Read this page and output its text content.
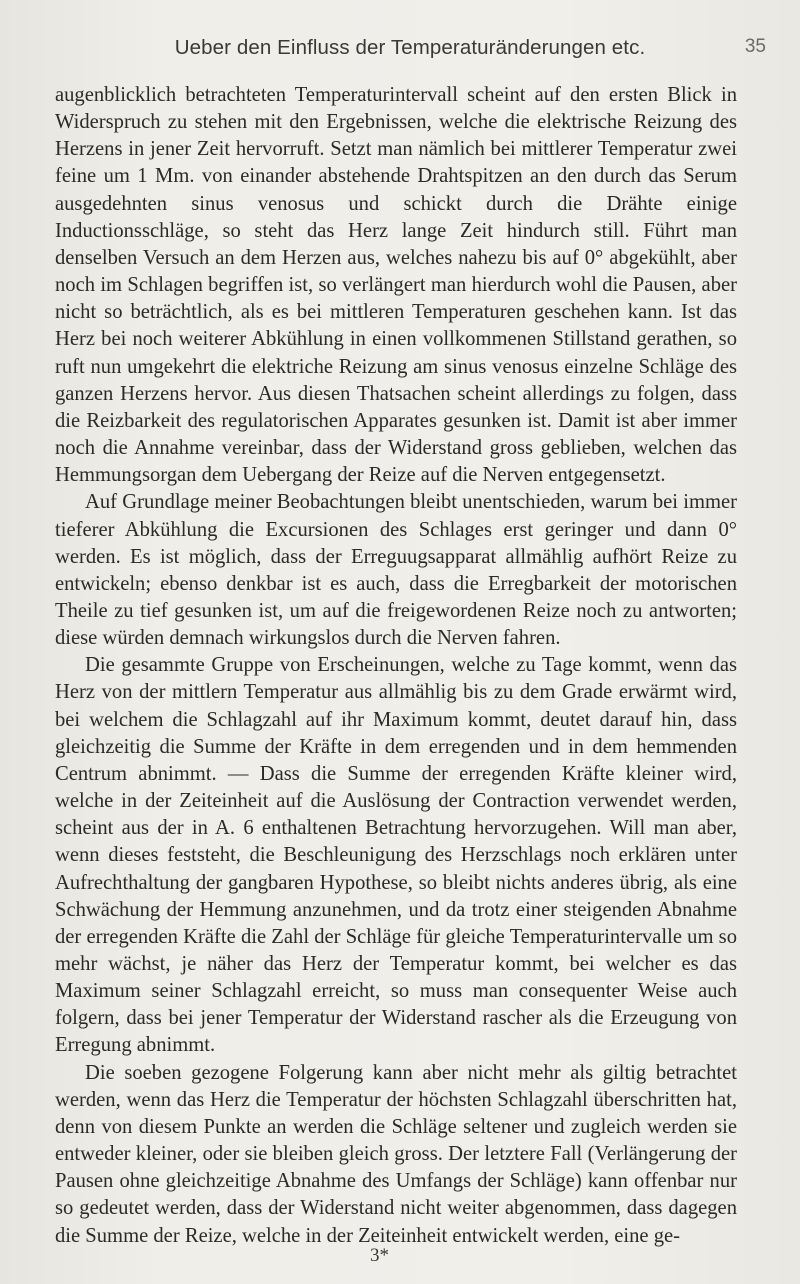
Ueber den Einfluss der Temperaturänderungen etc.	35

augenblicklich betrachteten Temperaturintervall scheint auf den ersten Blick in Widerspruch zu stehen mit den Ergebnissen, welche die elektrische Reizung des Herzens in jener Zeit hervorruft. Setzt man nämlich bei mittlerer Temperatur zwei feine um 1 Mm. von einander abstehende Drahtspitzen an den durch das Serum ausgedehnten sinus venosus und schickt durch die Drähte einige Inductionsschläge, so steht das Herz lange Zeit hindurch still. Führt man denselben Versuch an dem Herzen aus, welches nahezu bis auf 0° abgekühlt, aber noch im Schlagen begriffen ist, so verlängert man hierdurch wohl die Pausen, aber nicht so beträchtlich, als es bei mittleren Temperaturen geschehen kann. Ist das Herz bei noch weiterer Abkühlung in einen vollkommenen Stillstand gerathen, so ruft nun umgekehrt die elektriche Reizung am sinus venosus einzelne Schläge des ganzen Herzens hervor. Aus diesen Thatsachen scheint allerdings zu folgen, dass die Reizbarkeit des regulatorischen Apparates gesunken ist. Damit ist aber immer noch die Annahme vereinbar, dass der Widerstand gross geblieben, welchen das Hemmungsorgan dem Uebergang der Reize auf die Nerven entgegensetzt.

Auf Grundlage meiner Beobachtungen bleibt unentschieden, warum bei immer tieferer Abkühlung die Excursionen des Schlages erst geringer und dann 0° werden. Es ist möglich, dass der Erreguugsapparat allmählig aufhört Reize zu entwickeln; ebenso denkbar ist es auch, dass die Erregbarkeit der motorischen Theile zu tief gesunken ist, um auf die freigewordenen Reize noch zu antworten; diese würden demnach wirkungslos durch die Nerven fahren.

Die gesammte Gruppe von Erscheinungen, welche zu Tage kommt, wenn das Herz von der mittlern Temperatur aus allmählig bis zu dem Grade erwärmt wird, bei welchem die Schlagzahl auf ihr Maximum kommt, deutet darauf hin, dass gleichzeitig die Summe der Kräfte in dem erregenden und in dem hemmenden Centrum abnimmt. — Dass die Summe der erregenden Kräfte kleiner wird, welche in der Zeiteinheit auf die Auslösung der Contraction verwendet werden, scheint aus der in A. 6 enthaltenen Betrachtung hervorzugehen. Will man aber, wenn dieses feststeht, die Beschleunigung des Herzschlags noch erklären unter Aufrechthaltung der gangbaren Hypothese, so bleibt nichts anderes übrig, als eine Schwächung der Hemmung anzunehmen, und da trotz einer steigenden Abnahme der erregenden Kräfte die Zahl der Schläge für gleiche Temperaturintervalle um so mehr wächst, je näher das Herz der Temperatur kommt, bei welcher es das Maximum seiner Schlagzahl erreicht, so muss man consequenter Weise auch folgern, dass bei jener Temperatur der Widerstand rascher als die Erzeugung von Erregung abnimmt.

Die soeben gezogene Folgerung kann aber nicht mehr als giltig betrachtet werden, wenn das Herz die Temperatur der höchsten Schlagzahl überschritten hat, denn von diesem Punkte an werden die Schläge seltener und zugleich werden sie entweder kleiner, oder sie bleiben gleich gross. Der letztere Fall (Verlängerung der Pausen ohne gleichzeitige Abnahme des Umfangs der Schläge) kann offenbar nur so gedeutet werden, dass der Widerstand nicht weiter abgenommen, dass dagegen die Summe der Reize, welche in der Zeiteinheit entwickelt werden, eine ge-

3*
